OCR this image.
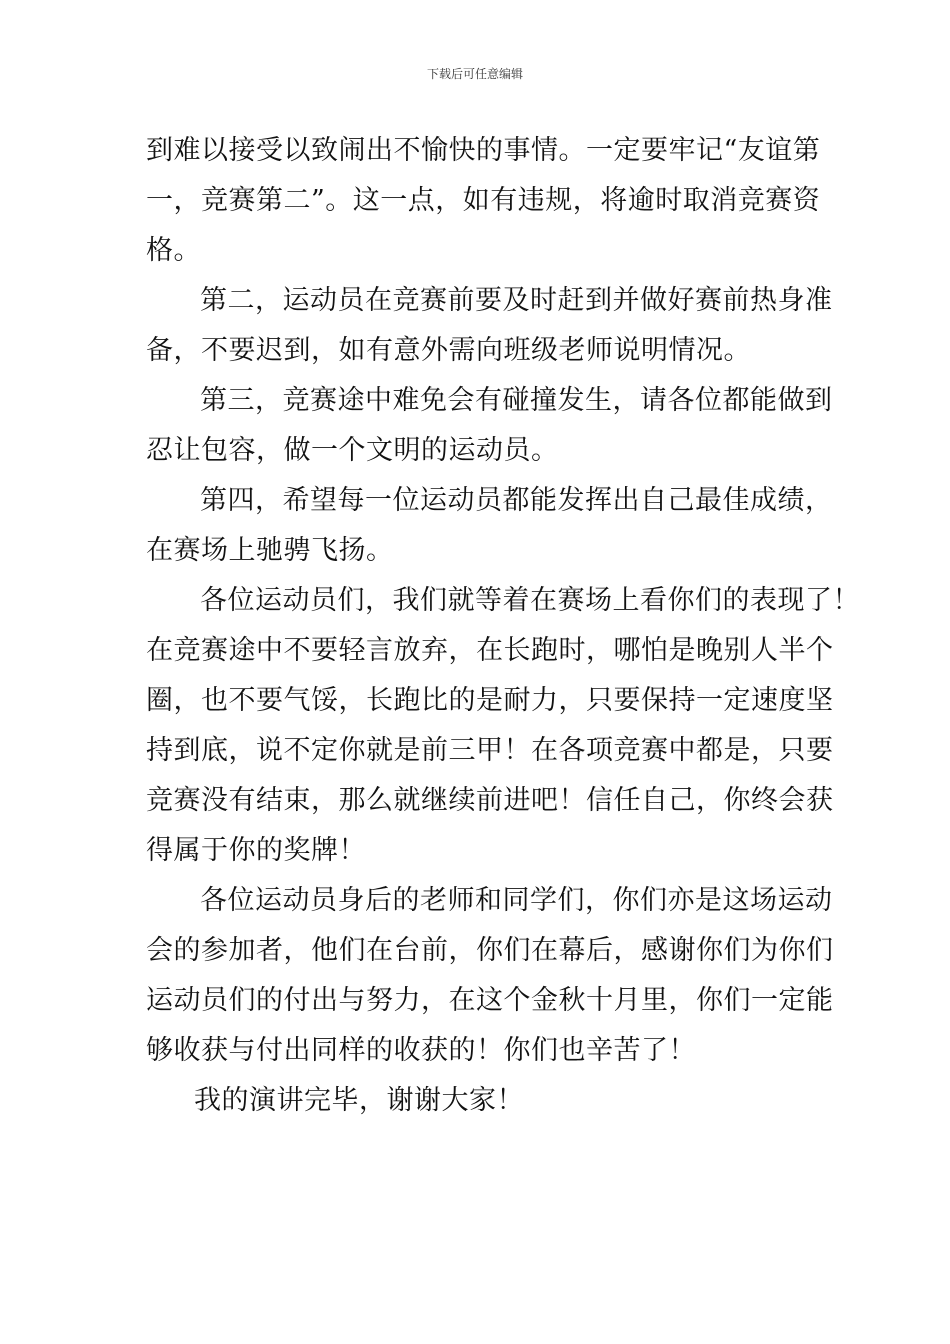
下载后可任意编辑
到难以接受以致闹出不愉快的事情。一定要牢记“友谊第
一，竞赛第二”。这一点，如有违规，将逾时取消竞赛资
格。
第二，运动员在竞赛前要及时赶到并做好赛前热身准
备，不要迟到，如有意外需向班级老师说明情况。
第三，竞赛途中难免会有碰撞发生，请各位都能做到
忍让包容，做一个文明的运动员。
第四，希望每一位运动员都能发挥出自己最佳成绩，
在赛场上驰骋飞扬。
各位运动员们，我们就等着在赛场上看你们的表现了！
在竞赛途中不要轻言放弃，在长跑时，哪怕是晚别人半个
圈，也不要气馁，长跑比的是耐力，只要保持一定速度坚
持到底，说不定你就是前三甲！在各项竞赛中都是，只要
竞赛没有结束，那么就继续前进吧！信任自己，你终会获
得属于你的奖牌！
各位运动员身后的老师和同学们，你们亦是这场运动
会的参加者，他们在台前，你们在幕后，感谢你们为你们
运动员们的付出与努力，在这个金秋十月里，你们一定能
够收获与付出同样的收获的！你们也辛苦了！
我的演讲完毕，谢谢大家！
